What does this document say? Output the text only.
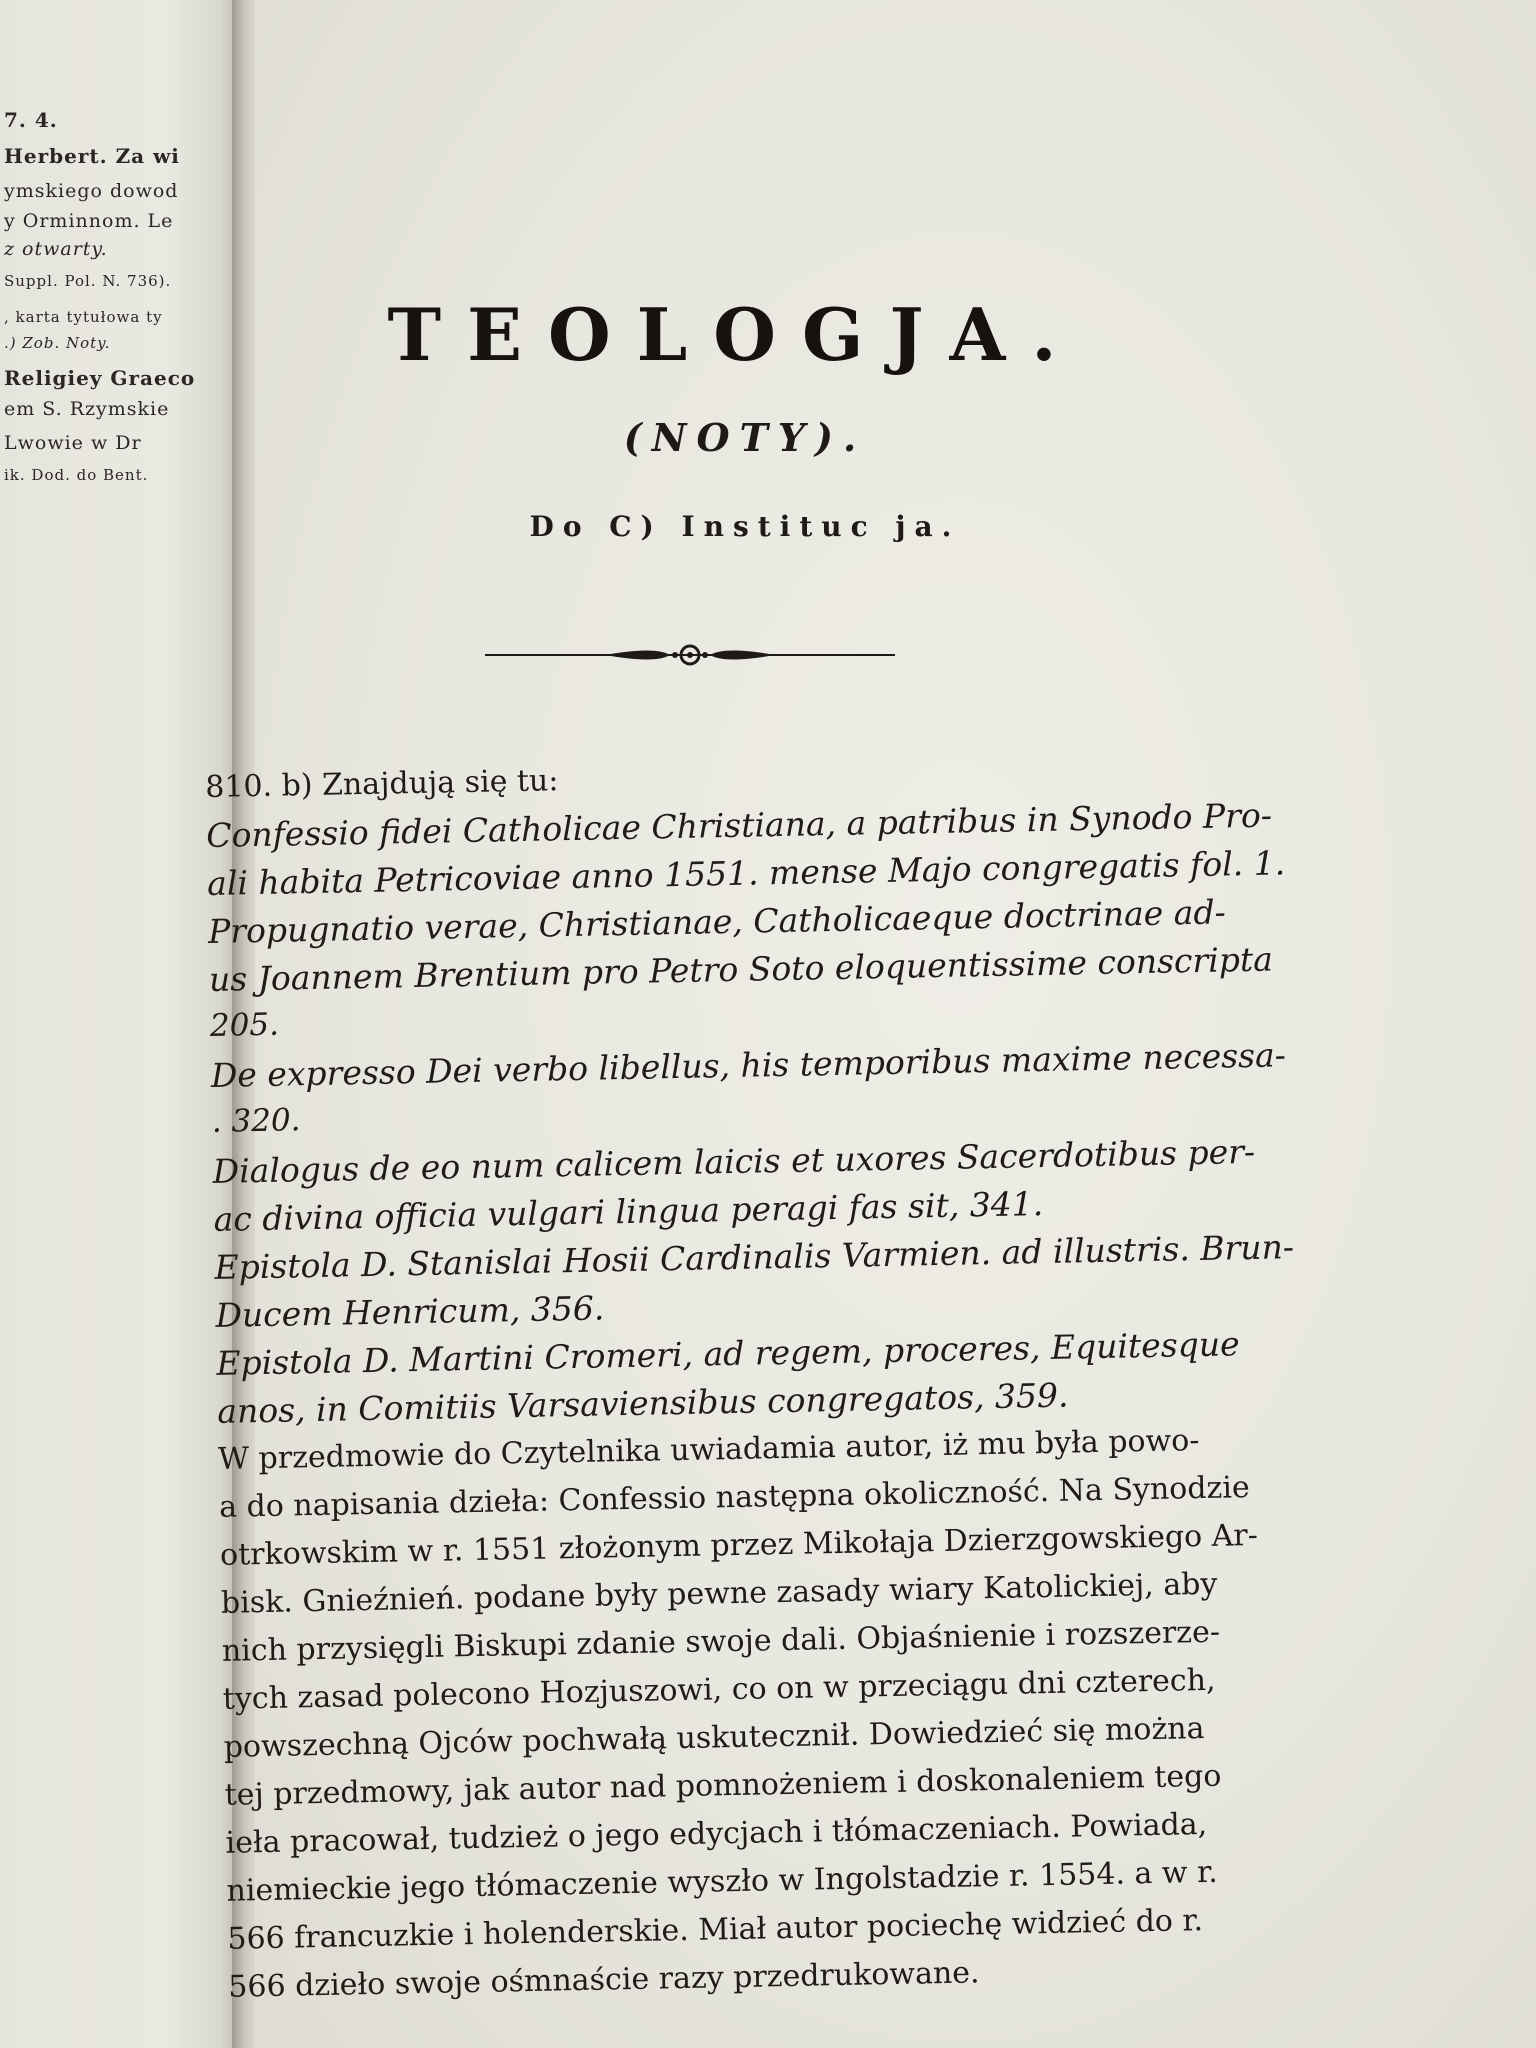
7. 4.
Herbert. Za wi
ymskiego dowod
y Orminnom. Le
z otwarty.
Suppl. Pol. N. 736).
, karta tytułowa ty
.) Zob. Noty.
Religiey Graeco
em S. Rzymskie
Lwowie w Dr
ik. Dod. do Bent.
TEOLOGJA.
(NOTY).
Do C) Instituc ja.
810. b) Znajdują się tu:
Confessio fidei Catholicae Christiana, a patribus in Synodo Pro-
ali habita Petricoviae anno 1551. mense Majo congregatis fol. 1.
Propugnatio verae, Christianae, Catholicaeque doctrinae ad-
us Joannem Brentium pro Petro Soto eloquentissime conscripta
205.
De expresso Dei verbo libellus, his temporibus maxime necessa-
. 320.
Dialogus de eo num calicem laicis et uxores Sacerdotibus per-
ac divina officia vulgari lingua peragi fas sit, 341.
Epistola D. Stanislai Hosii Cardinalis Varmien. ad illustris. Brun-
Ducem Henricum, 356.
Epistola D. Martini Cromeri, ad regem, proceres, Equitesque
anos, in Comitiis Varsaviensibus congregatos, 359.
W przedmowie do Czytelnika uwiadamia autor, iż mu była powo-
a do napisania dzieła: Confessio następna okoliczność. Na Synodzie
otrkowskim w r. 1551 złożonym przez Mikołaja Dzierzgowskiego Ar-
bisk. Gnieźnień. podane były pewne zasady wiary Katolickiej, aby
nich przysięgli Biskupi zdanie swoje dali. Objaśnienie i rozszerze-
tych zasad polecono Hozjuszowi, co on w przeciągu dni czterech,
powszechną Ojców pochwałą uskutecznił. Dowiedzieć się można
tej przedmowy, jak autor nad pomnożeniem i doskonaleniem tego
ieła pracował, tudzież o jego edycjach i tłómaczeniach. Powiada,
niemieckie jego tłómaczenie wyszło w Ingolstadzie r. 1554. a w r.
566 francuzkie i holenderskie. Miał autor pociechę widzieć do r.
566 dzieło swoje ośmnaście razy przedrukowane.
